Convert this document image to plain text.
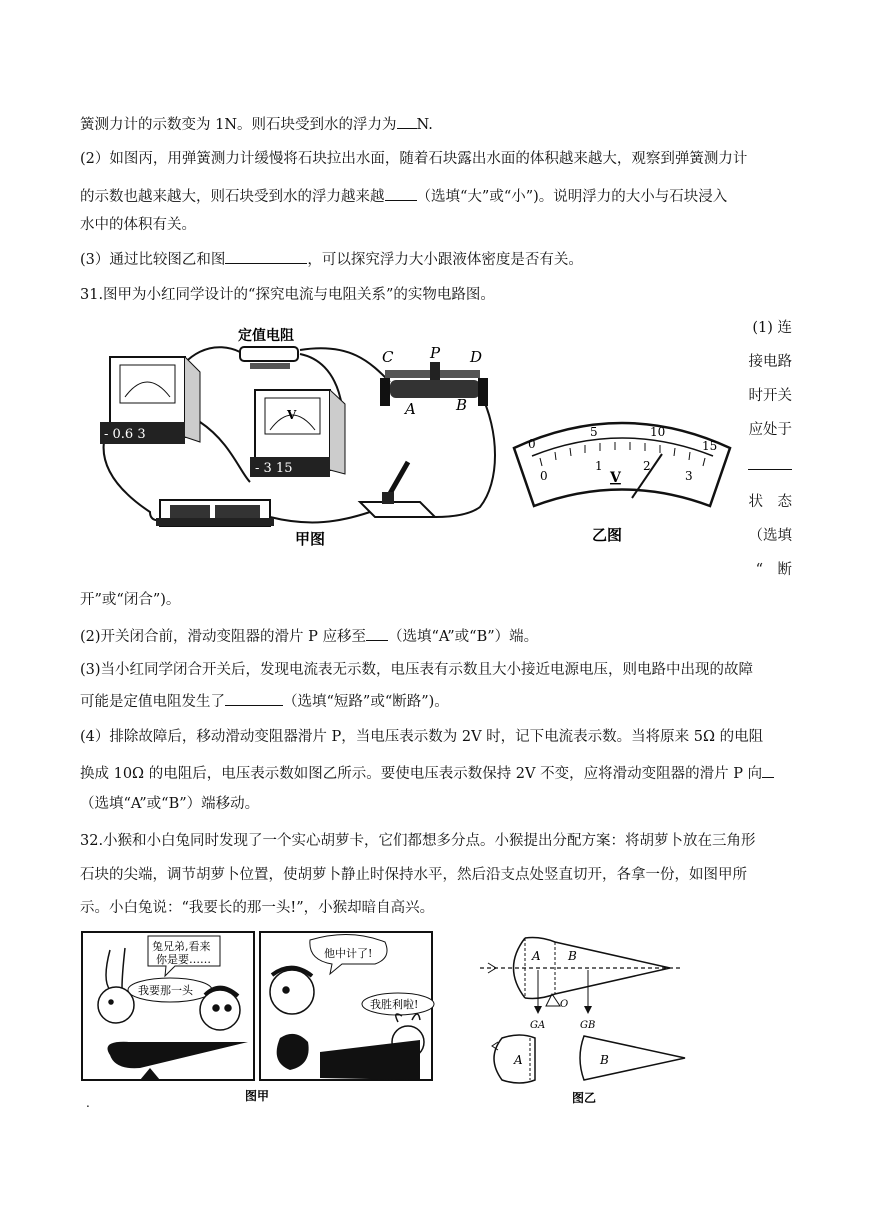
簧测力计的示数变为 1N。则石块受到水的浮力为 N.
(2）如图丙，用弹簧测力计缓慢将石块拉出水面，随着石块露出水面的体积越来越大，观察到弹簧测力计
的示数也越来越大，则石块受到水的浮力越来越 （选填“大”或“小”)。说明浮力的大小与石块浸入
水中的体积有关。
(3）通过比较图乙和图	，可以探究浮力大小跟液体密度是否有关。
31.图甲为小红同学设计的“探究电流与电阻关系”的实物电路图。
(1) 连
接电路
时开关
应处于
状　态
（选填
“　断
- 0.6 3
定值电阻
V
- 3 15
C P D
A	B
甲图
0
5	10
15
0
1	2
3
V
乙图
开”或“闭合”)。
(2)开关闭合前，滑动变阻器的滑片 P 应移至 （选填“A”或“B”）端。
(3)当小红同学闭合开关后，发现电流表无示数，电压表有示数且大小接近电源电压，则电路中出现的故障
可能是定值电阻发生了	（选填“短路”或“断路”)。
(4）排除故障后，移动滑动变阻器滑片 P，当电压表示数为 2V 时，记下电流表示数。当将原来 5Ω 的电阻
换成 10Ω 的电阻后，电压表示数如图乙所示。要使电压表示数保持 2V 不变，应将滑动变阻器的滑片 P 向
（选填“A”或“B”）端移动。
32.小猴和小白兔同时发现了一个实心胡萝卡，它们都想多分点。小猴提出分配方案：将胡萝卜放在三角形
石块的尖端，调节胡萝卜位置，使胡萝卜静止时保持水平，然后沿支点处竖直切开，各拿一份，如图甲所
示。小白兔说：“我要长的那一头!”，小猴却暗自高兴。
兔兄弟,看来
你是要……
我要那一头
他中计了!
我胜利啦!
.	图甲
A B
O
GA	GB
A	B
图乙
